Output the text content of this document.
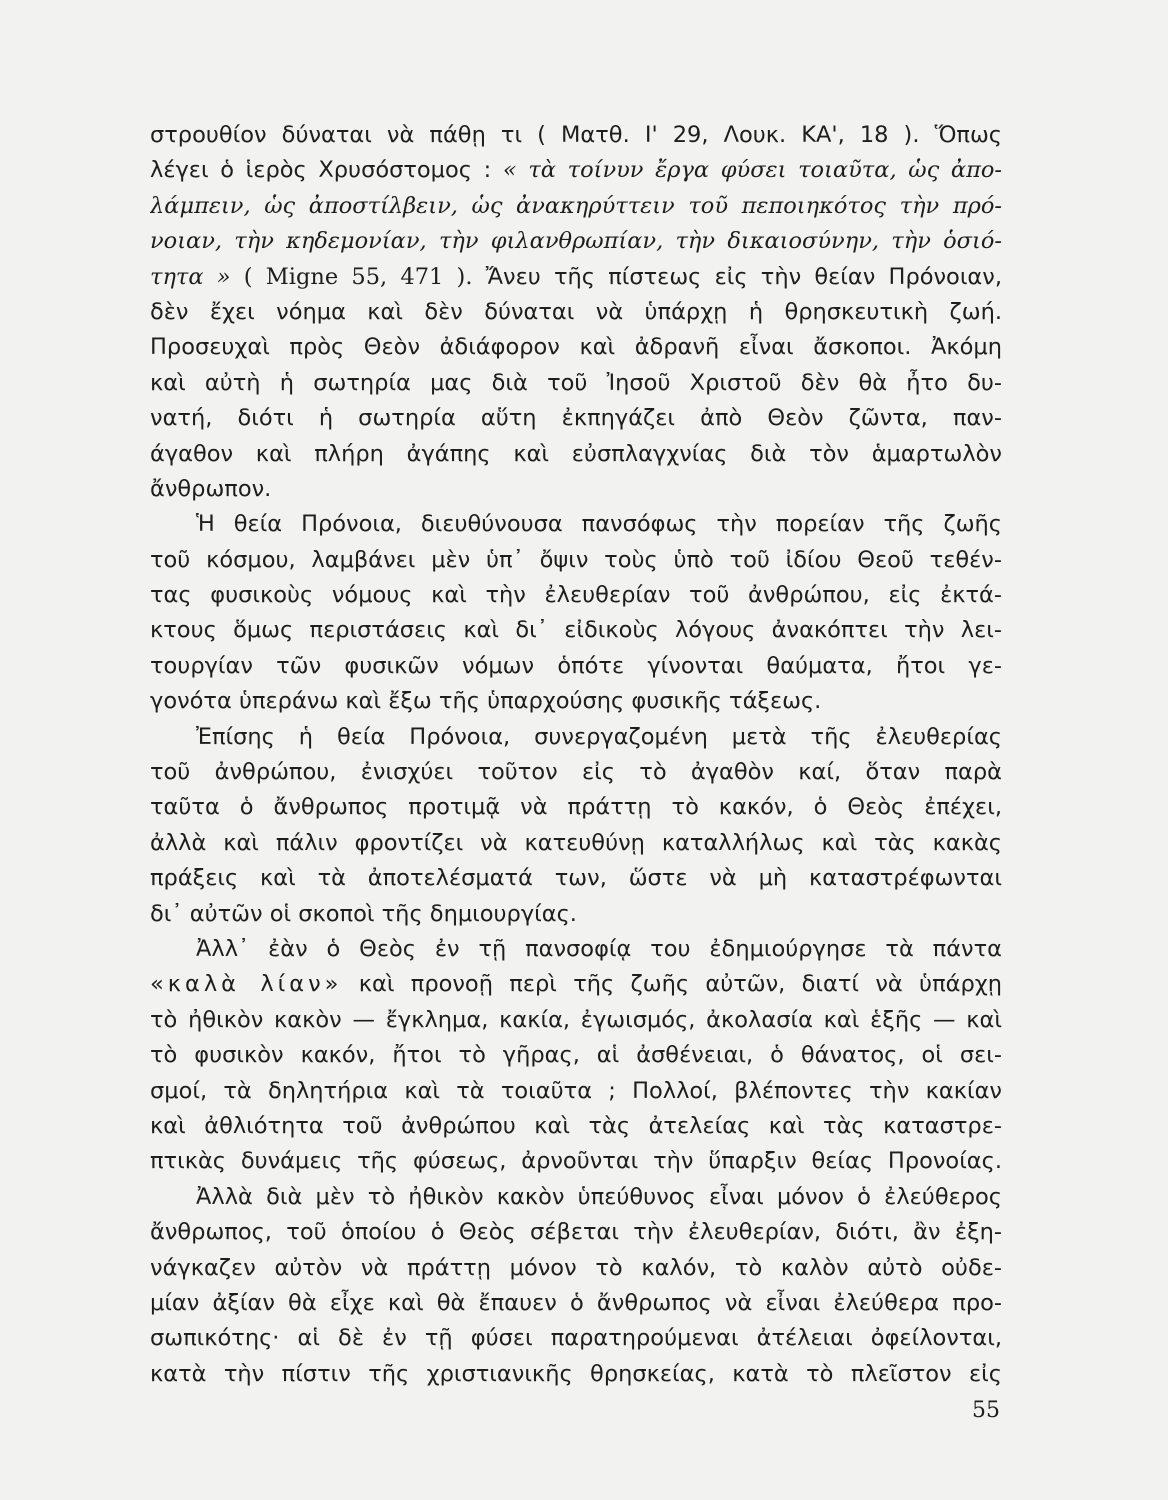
στρουθίον δύναται νὰ πάθῃ τι ( Ματθ. Ι' 29, Λουκ. ΚΑ', 18 ). Ὅπως
λέγει ὁ ἱερὸς Χρυσόστομος : « τὰ τοίνυν ἔργα φύσει τοιαῦτα, ὡς ἀπο-
λάμπειν, ὡς ἀποστίλβειν, ὡς ἀνακηρύττειν τοῦ πεποιηκότος τὴν πρό-
νοιαν, τὴν κηδεμονίαν, τὴν φιλανθρωπίαν, τὴν δικαιοσύνην, τὴν ὁσιό-
τητα » ( Migne 55, 471 ). Ἄνευ τῆς πίστεως εἰς τὴν θείαν Πρόνοιαν,
δὲν ἔχει νόημα καὶ δὲν δύναται νὰ ὑπάρχῃ ἡ θρησκευτικὴ ζωή.
Προσευχαὶ πρὸς Θεὸν ἀδιάφορον καὶ ἀδρανῆ εἶναι ἄσκοποι. Ἀκόμη
καὶ αὐτὴ ἡ σωτηρία μας διὰ τοῦ Ἰησοῦ Χριστοῦ δὲν θὰ ἦτο δυ-
νατή, διότι ἡ σωτηρία αὕτη ἐκπηγάζει ἀπὸ Θεὸν ζῶντα, παν-
άγαθον καὶ πλήρη ἀγάπης καὶ εὐσπλαγχνίας διὰ τὸν ἁμαρτωλὸν
ἄνθρωπον.
Ἡ θεία Πρόνοια, διευθύνουσα πανσόφως τὴν πορείαν τῆς ζωῆς
τοῦ κόσμου, λαμβάνει μὲν ὑπ᾿ ὄψιν τοὺς ὑπὸ τοῦ ἰδίου Θεοῦ τεθέν-
τας φυσικοὺς νόμους καὶ τὴν ἐλευθερίαν τοῦ ἀνθρώπου, εἰς ἐκτά-
κτους ὅμως περιστάσεις καὶ δι᾿ εἰδικοὺς λόγους ἀνακόπτει τὴν λει-
τουργίαν τῶν φυσικῶν νόμων ὁπότε γίνονται θαύματα, ἤτοι γε-
γονότα ὑπεράνω καὶ ἔξω τῆς ὑπαρχούσης φυσικῆς τάξεως.
Ἐπίσης ἡ θεία Πρόνοια, συνεργαζομένη μετὰ τῆς ἐλευθερίας
τοῦ ἀνθρώπου, ἐνισχύει τοῦτον εἰς τὸ ἀγαθὸν καί, ὅταν παρὰ
ταῦτα ὁ ἄνθρωπος προτιμᾷ νὰ πράττῃ τὸ κακόν, ὁ Θεὸς ἐπέχει,
ἀλλὰ καὶ πάλιν φροντίζει νὰ κατευθύνῃ καταλλήλως καὶ τὰς κακὰς
πράξεις καὶ τὰ ἀποτελέσματά των, ὥστε νὰ μὴ καταστρέφωνται
δι᾿ αὐτῶν οἱ σκοποὶ τῆς δημιουργίας.
Ἀλλ᾿ ἐὰν ὁ Θεὸς ἐν τῇ πανσοφίᾳ του ἐδημιούργησε τὰ πάντα
«καλὰ λίαν» καὶ προνοῇ περὶ τῆς ζωῆς αὐτῶν, διατί νὰ ὑπάρχῃ
τὸ ἠθικὸν κακὸν — ἔγκλημα, κακία, ἐγωισμός, ἀκολασία καὶ ἑξῆς — καὶ
τὸ φυσικὸν κακόν, ἤτοι τὸ γῆρας, αἱ ἀσθένειαι, ὁ θάνατος, οἱ σει-
σμοί, τὰ δηλητήρια καὶ τὰ τοιαῦτα ; Πολλοί, βλέποντες τὴν κακίαν
καὶ ἀθλιότητα τοῦ ἀνθρώπου καὶ τὰς ἀτελείας καὶ τὰς καταστρε-
πτικὰς δυνάμεις τῆς φύσεως, ἀρνοῦνται τὴν ὕπαρξιν θείας Προνοίας.
Ἀλλὰ διὰ μὲν τὸ ἠθικὸν κακὸν ὑπεύθυνος εἶναι μόνον ὁ ἐλεύθερος
ἄνθρωπος, τοῦ ὁποίου ὁ Θεὸς σέβεται τὴν ἐλευθερίαν, διότι, ἂν ἐξη-
νάγκαζεν αὐτὸν νὰ πράττῃ μόνον τὸ καλόν, τὸ καλὸν αὐτὸ οὐδε-
μίαν ἀξίαν θὰ εἶχε καὶ θὰ ἔπαυεν ὁ ἄνθρωπος νὰ εἶναι ἐλεύθερα προ-
σωπικότης· αἱ δὲ ἐν τῇ φύσει παρατηρούμεναι ἀτέλειαι ὀφείλονται,
κατὰ τὴν πίστιν τῆς χριστιανικῆς θρησκείας, κατὰ τὸ πλεῖστον εἰς
55
